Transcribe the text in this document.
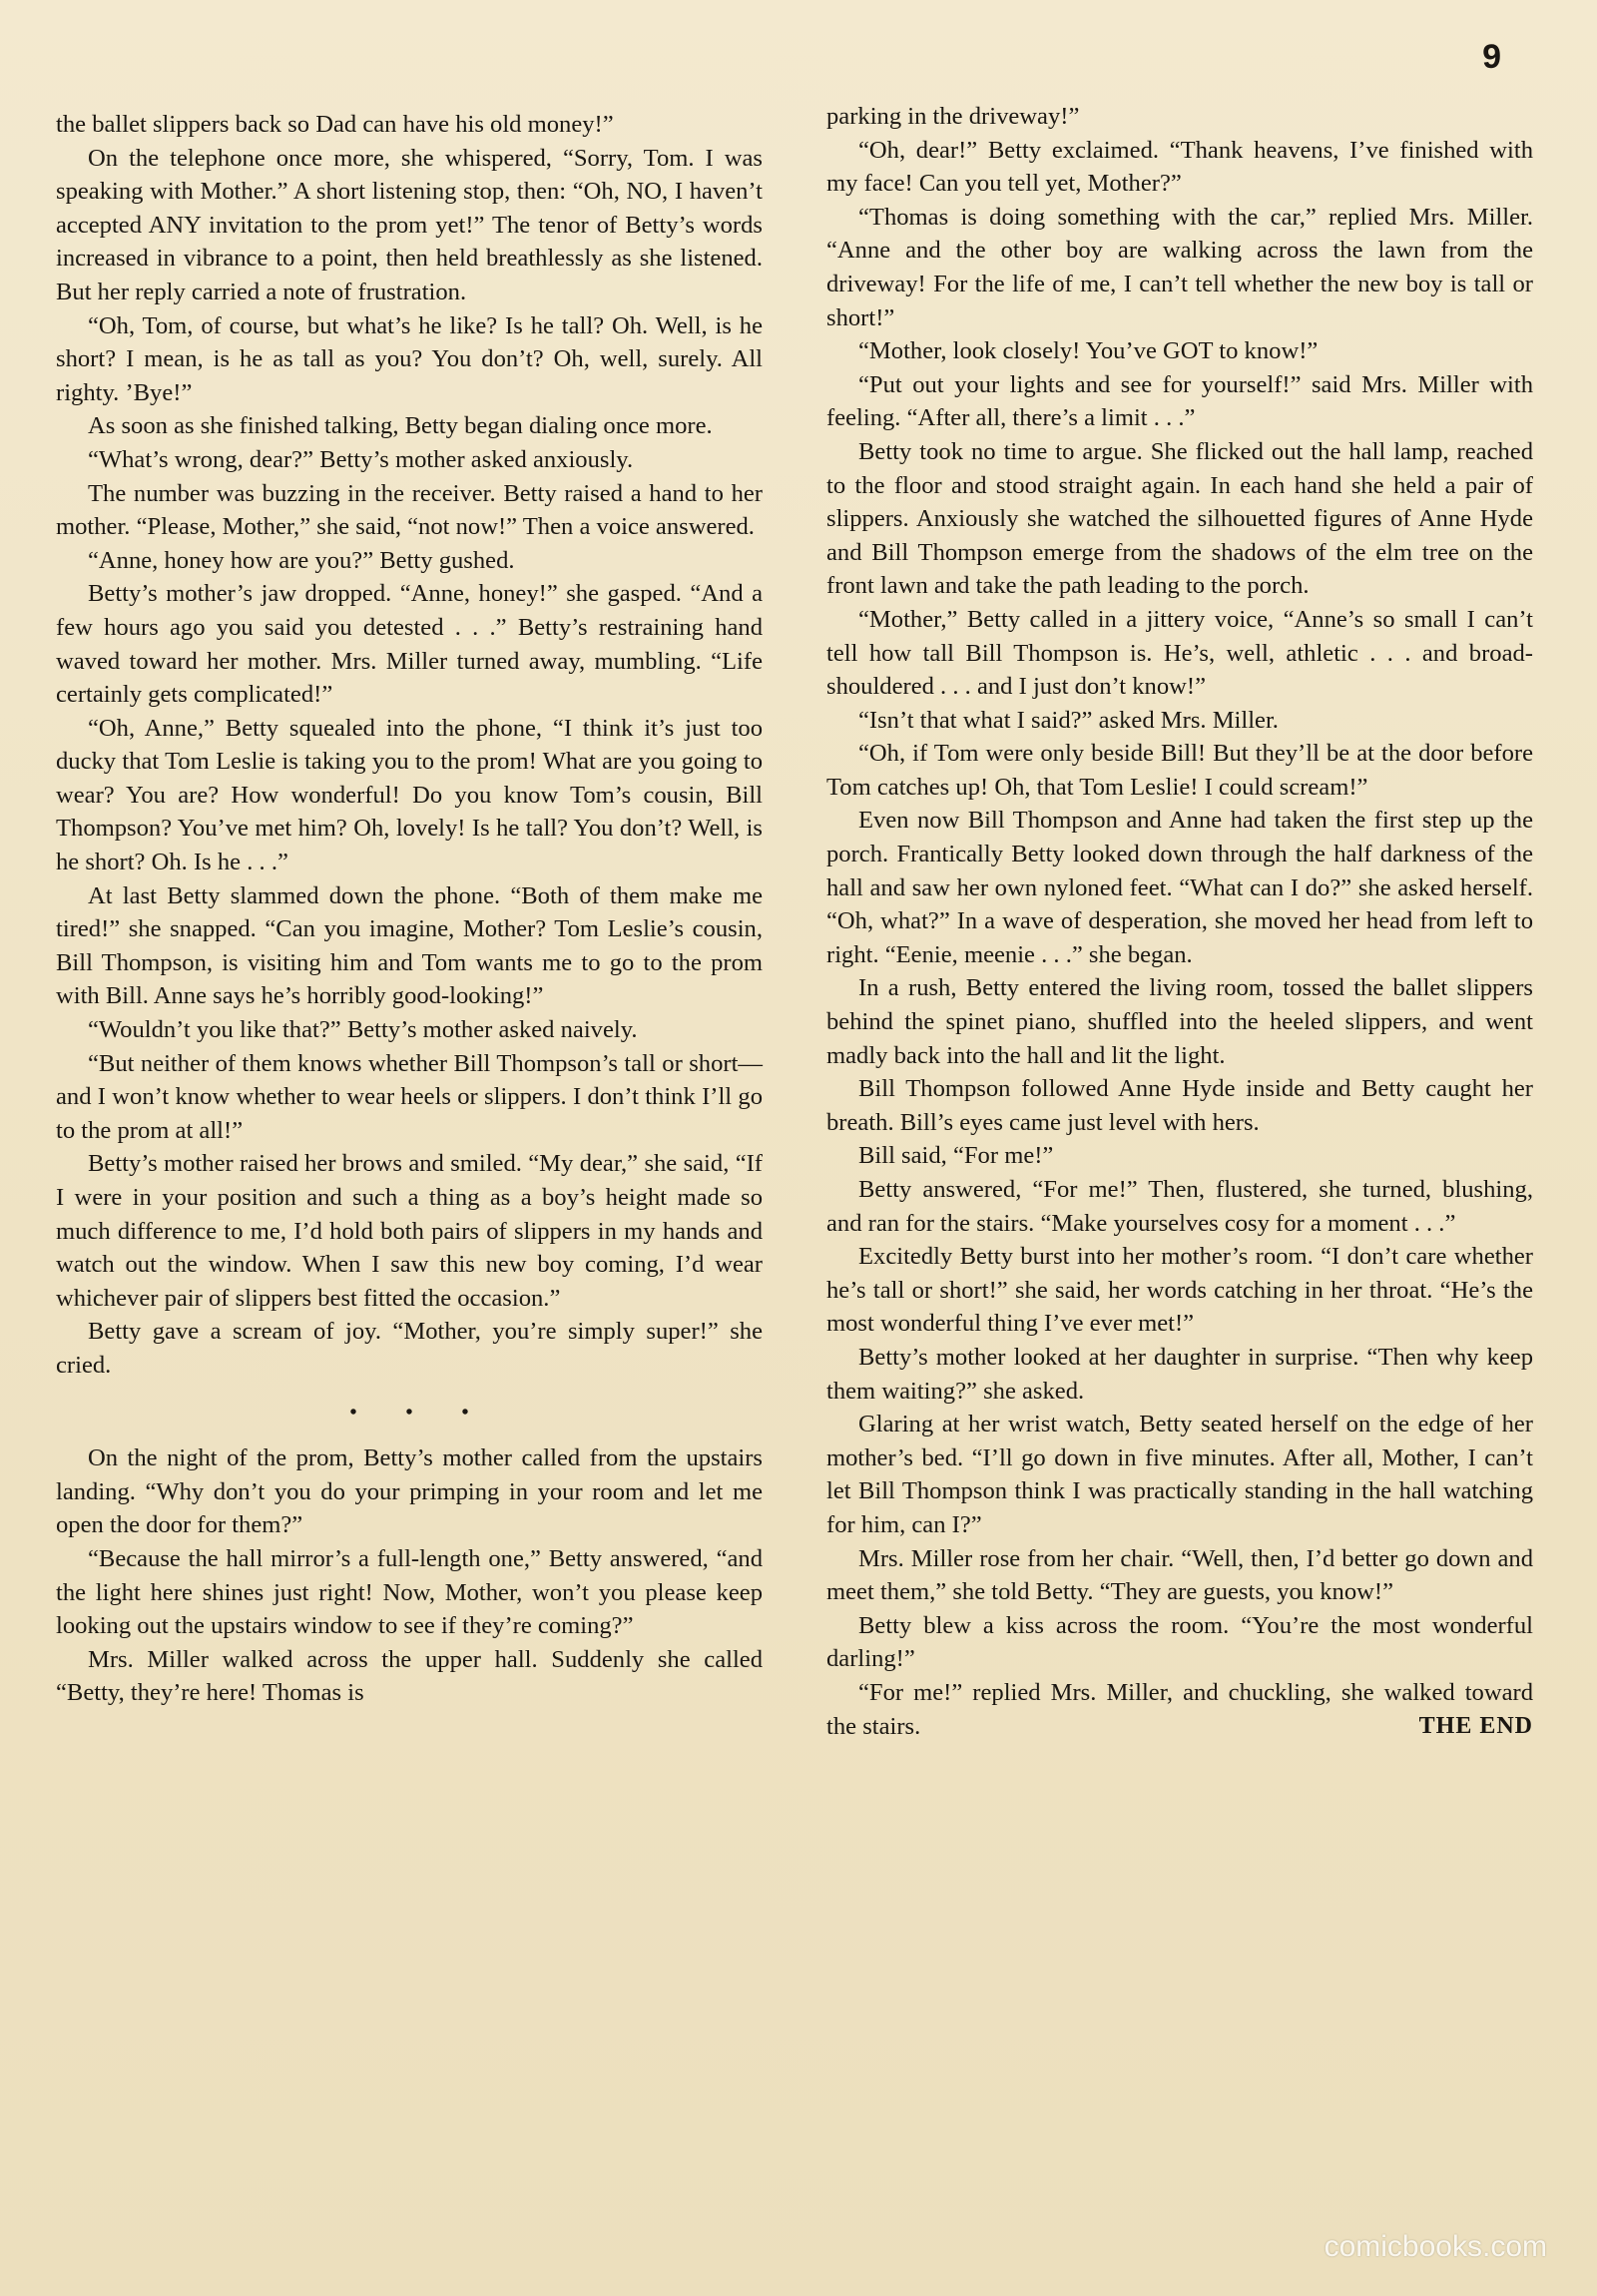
9

the ballet slippers back so Dad can have his old money!”

On the telephone once more, she whispered, “Sorry, Tom. I was speaking with Mother.” A short listening stop, then: “Oh, NO, I haven’t accepted ANY invitation to the prom yet!” The tenor of Betty’s words increased in vibrance to a point, then held breathlessly as she listened. But her reply carried a note of frustration.

“Oh, Tom, of course, but what’s he like? Is he tall? Oh. Well, is he short? I mean, is he as tall as you? You don’t? Oh, well, surely. All righty. ’Bye!”

As soon as she finished talking, Betty began dialing once more.

“What’s wrong, dear?” Betty’s mother asked anxiously.

The number was buzzing in the receiver. Betty raised a hand to her mother. “Please, Mother,” she said, “not now!” Then a voice answered.

“Anne, honey how are you?” Betty gushed.

Betty’s mother’s jaw dropped. “Anne, honey!” she gasped. “And a few hours ago you said you detested . . .” Betty’s restraining hand waved toward her mother. Mrs. Miller turned away, mumbling. “Life certainly gets complicated!”

“Oh, Anne,” Betty squealed into the phone, “I think it’s just too ducky that Tom Leslie is taking you to the prom! What are you going to wear? You are? How wonderful! Do you know Tom’s cousin, Bill Thompson? You’ve met him? Oh, lovely! Is he tall? You don’t? Well, is he short? Oh. Is he . . .”

At last Betty slammed down the phone. “Both of them make me tired!” she snapped. “Can you imagine, Mother? Tom Leslie’s cousin, Bill Thompson, is visiting him and Tom wants me to go to the prom with Bill. Anne says he’s horribly good-looking!”

“Wouldn’t you like that?” Betty’s mother asked naively.

“But neither of them knows whether Bill Thompson’s tall or short—and I won’t know whether to wear heels or slippers. I don’t think I’ll go to the prom at all!”

Betty’s mother raised her brows and smiled. “My dear,” she said, “If I were in your position and such a thing as a boy’s height made so much difference to me, I’d hold both pairs of slippers in my hands and watch out the window. When I saw this new boy coming, I’d wear whichever pair of slippers best fitted the occasion.”

Betty gave a scream of joy. “Mother, you’re simply super!” she cried.

• • •

On the night of the prom, Betty’s mother called from the upstairs landing. “Why don’t you do your primping in your room and let me open the door for them?”

“Because the hall mirror’s a full-length one,” Betty answered, “and the light here shines just right! Now, Mother, won’t you please keep looking out the upstairs window to see if they’re coming?”

Mrs. Miller walked across the upper hall. Suddenly she called “Betty, they’re here! Thomas is

parking in the driveway!”

“Oh, dear!” Betty exclaimed. “Thank heavens, I’ve finished with my face! Can you tell yet, Mother?”

“Thomas is doing something with the car,” replied Mrs. Miller. “Anne and the other boy are walking across the lawn from the driveway! For the life of me, I can’t tell whether the new boy is tall or short!”

“Mother, look closely! You’ve GOT to know!”

“Put out your lights and see for yourself!” said Mrs. Miller with feeling. “After all, there’s a limit . . .”

Betty took no time to argue. She flicked out the hall lamp, reached to the floor and stood straight again. In each hand she held a pair of slippers. Anxiously she watched the silhouetted figures of Anne Hyde and Bill Thompson emerge from the shadows of the elm tree on the front lawn and take the path leading to the porch.

“Mother,” Betty called in a jittery voice, “Anne’s so small I can’t tell how tall Bill Thompson is. He’s, well, athletic . . . and broad-shouldered . . . and I just don’t know!”

“Isn’t that what I said?” asked Mrs. Miller.

“Oh, if Tom were only beside Bill! But they’ll be at the door before Tom catches up! Oh, that Tom Leslie! I could scream!”

Even now Bill Thompson and Anne had taken the first step up the porch. Frantically Betty looked down through the half darkness of the hall and saw her own nyloned feet. “What can I do?” she asked herself. “Oh, what?” In a wave of desperation, she moved her head from left to right. “Eenie, meenie . . .” she began.

In a rush, Betty entered the living room, tossed the ballet slippers behind the spinet piano, shuffled into the heeled slippers, and went madly back into the hall and lit the light.

Bill Thompson followed Anne Hyde inside and Betty caught her breath. Bill’s eyes came just level with hers.

Bill said, “For me!”

Betty answered, “For me!” Then, flustered, she turned, blushing, and ran for the stairs. “Make yourselves cosy for a moment . . .”

Excitedly Betty burst into her mother’s room. “I don’t care whether he’s tall or short!” she said, her words catching in her throat. “He’s the most wonderful thing I’ve ever met!”

Betty’s mother looked at her daughter in surprise. “Then why keep them waiting?” she asked.

Glaring at her wrist watch, Betty seated herself on the edge of her mother’s bed. “I’ll go down in five minutes. After all, Mother, I can’t let Bill Thompson think I was practically standing in the hall watching for him, can I?”

Mrs. Miller rose from her chair. “Well, then, I’d better go down and meet them,” she told Betty. “They are guests, you know!”

Betty blew a kiss across the room. “You’re the most wonderful darling!”

“For me!” replied Mrs. Miller, and chuckling, she walked toward the stairs.	THE END

comicbooks.com
